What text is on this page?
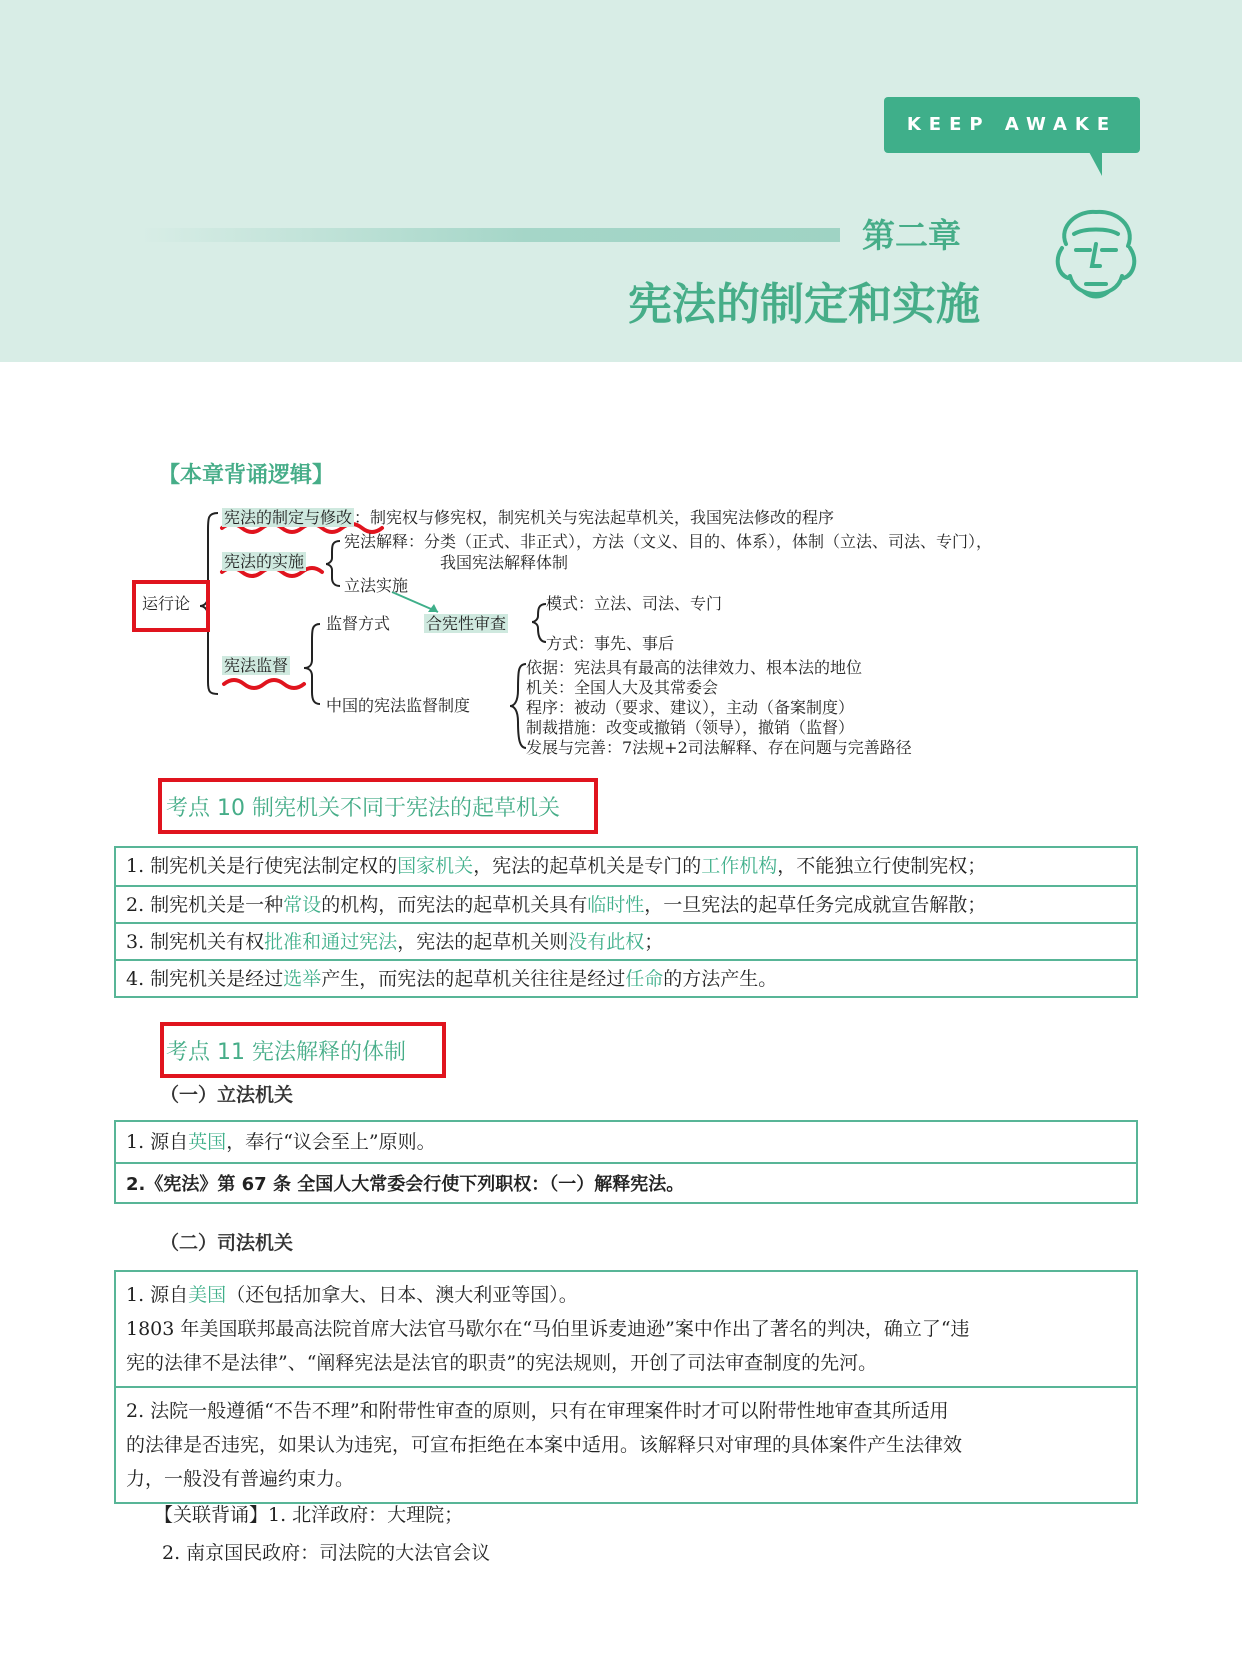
KEEP AWAKE
第二章
宪法的制定和实施
【本章背诵逻辑】
运行论
宪法的制定与修改 ：制宪权与修宪权，制宪机关与宪法起草机关，我国宪法修改的程序
宪法解释：分类（正式、非正式），方法（文义、目的、体系），体制（立法、司法、专门），
我国宪法解释体制
宪法的实施
立法实施
监督方式 合宪性审查
模式：立法、司法、专门
方式：事先、事后
宪法监督
中国的宪法监督制度
依据：宪法具有最高的法律效力、根本法的地位
机关：全国人大及其常委会
程序：被动（要求、建议），主动（备案制度）
制裁措施：改变或撤销（领导），撤销（监督）
发展与完善：7法规+2司法解释、存在问题与完善路径
考点 10 制宪机关不同于宪法的起草机关
1. 制宪机关是行使宪法制定权的国家机关，宪法的起草机关是专门的工作机构，不能独立行使制宪权；
2. 制宪机关是一种常设的机构，而宪法的起草机关具有临时性，一旦宪法的起草任务完成就宣告解散；
3. 制宪机关有权批准和通过宪法，宪法的起草机关则没有此权；
4. 制宪机关是经过选举产生，而宪法的起草机关往往是经过任命的方法产生。
考点 11 宪法解释的体制
（一）立法机关
1. 源自英国，奉行“议会至上”原则。
2.《宪法》第 67 条 全国人大常委会行使下列职权：（一）解释宪法。
（二）司法机关
1. 源自美国（还包括加拿大、日本、澳大利亚等国）。
1803 年美国联邦最高法院首席大法官马歇尔在“马伯里诉麦迪逊”案中作出了著名的判决，确立了“违
宪的法律不是法律”、“阐释宪法是法官的职责”的宪法规则，开创了司法审查制度的先河。
2. 法院一般遵循“不告不理”和附带性审查的原则，只有在审理案件时才可以附带性地审查其所适用
的法律是否违宪，如果认为违宪，可宣布拒绝在本案中适用。该解释只对审理的具体案件产生法律效
力，一般没有普遍约束力。
【关联背诵】1. 北洋政府：大理院；
2. 南京国民政府：司法院的大法官会议
